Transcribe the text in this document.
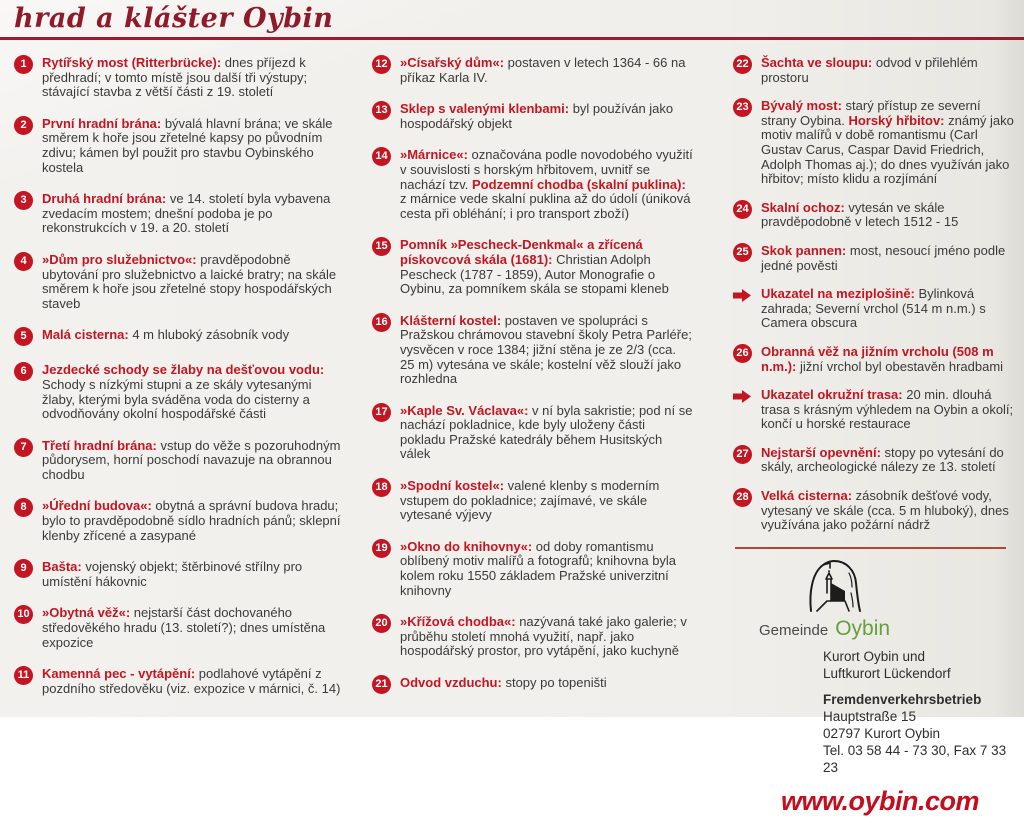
hrad a klášter Oybin
1	Rytířský most (Ritterbrücke): dnes příjezd k předhradí; v tomto místě jsou další tři výstupy; stávající stavba z větší části z 19. století
2	První hradní brána: bývalá hlavní brána; ve skále směrem k hoře jsou zřetelné kapsy po původním zdivu; kámen byl použit pro stavbu Oybinského kostela
3	Druhá hradní brána: ve 14. století byla vybavena zvedacím mostem; dnešní podoba je po rekonstrukcích v 19. a 20. století
4	»Dům pro služebnictvo«: pravděpodobně ubytování pro služebnictvo a laické bratry; na skále směrem k hoře jsou zřetelné stopy hospodářských staveb
5	Malá cisterna: 4 m hluboký zásobník vody
6	Jezdecké schody se žlaby na dešťovou vodu: Schody s nízkými stupni a ze skály vytesanými žlaby, kterými byla sváděna voda do cisterny a odvodňovány okolní hospodářské části
7	Třetí hradní brána: vstup do věže s pozoruhodným půdorysem, horní poschodí navazuje na obrannou chodbu
8	»Úřední budova«: obytná a správní budova hradu; bylo to pravděpodobně sídlo hradních pánů; sklepní klenby zřícené a zasypané
9	Bašta: vojenský objekt; štěrbinové střílny pro umístění hákovnic
10 »Obytná věž«: nejstarší část dochovaného středověkého hradu (13. století?); dnes umístěna expozice
11 Kamenná pec - vytápění: podlahové vytápění z pozdního středověku (viz. expozice v márnici, č. 14)
12 »Císařský dům«: postaven v letech 1364 - 66 na příkaz Karla IV.
13 Sklep s valenými klenbami: byl používán jako hospodářský objekt
14 »Márnice«: označována podle novodobého využití v souvislosti s horským hřbitovem, uvnitř se nachází tzv. Podzemní chodba (skalní puklina): z márnice vede skalní puklina až do údolí (úniková cesta při obléhání; i pro transport zboží)
15 Pomník »Pescheck-Denkmal« a zřícená pískovcová skála (1681): Christian Adolph Pescheck (1787 - 1859), Autor Monografie o Oybinu, za pomníkem skála se stopami kleneb
16 Klášterní kostel: postaven ve spolupráci s Pražskou chrámovou stavební školy Petra Parléře; vysvěcen v roce 1384; jižní stěna je ze 2/3 (cca. 25 m) vytesána ve skále; kostelní věž slouží jako rozhledna
17 »Kaple Sv. Václava«: v ní byla sakristie; pod ní se nachází pokladnice, kde byly uloženy části pokladu Pražské katedrály během Husitských válek
18 »Spodní kostel«: valené klenby s moderním vstupem do pokladnice; zajímavé, ve skále vytesané výjevy
19 »Okno do knihovny«: od doby romantismu oblíbený motiv malířů a fotografů; knihovna byla kolem roku 1550 základem Pražské univerzitní knihovny
20 »Křížová chodba«: nazývaná také jako galerie; v průběhu století mnohá využití, např. jako hospodářský prostor, pro vytápění, jako kuchyně
21 Odvod vzduchu: stopy po topeništi
22 Šachta ve sloupu: odvod v přilehlém prostoru
23 Bývalý most: starý přístup ze severní strany Oybina. Horský hřbitov: známý jako motiv malířů v době romantismu (Carl Gustav Carus, Caspar David Friedrich, Adolph Thomas aj.); do dnes využíván jako hřbitov; místo klidu a rozjímání
24 Skalní ochoz: vytesán ve skále pravděpodobně v letech 1512 - 15
25 Skok pannen: most, nesoucí jméno podle jedné pověsti
Ukazatel na meziplošině: Bylinková zahrada; Severní vrchol (514 m n.m.) s Camera obscura
26 Obranná věž na jižním vrcholu (508 m n.m.): jižní vrchol byl obestavěn hradbami
Ukazatel okružní trasa: 20 min. dlouhá trasa s krásným výhledem na Oybin a okolí; končí u horské restaurace
27 Nejstarší opevnění: stopy po vytesání do skály, archeologické nálezy ze 13. století
28 Velká cisterna: zásobník dešťové vody, vytesaný ve skále (cca. 5 m hluboký), dnes využívána jako požární nádrž
Gemeinde Oybin
Kurort Oybin und
Luftkurort Lückendorf
Fremdenverkehrsbetrieb
Hauptstraße 15
02797 Kurort Oybin
Tel. 03 58 44 - 73 30, Fax 7 33 23
www.oybin.com
